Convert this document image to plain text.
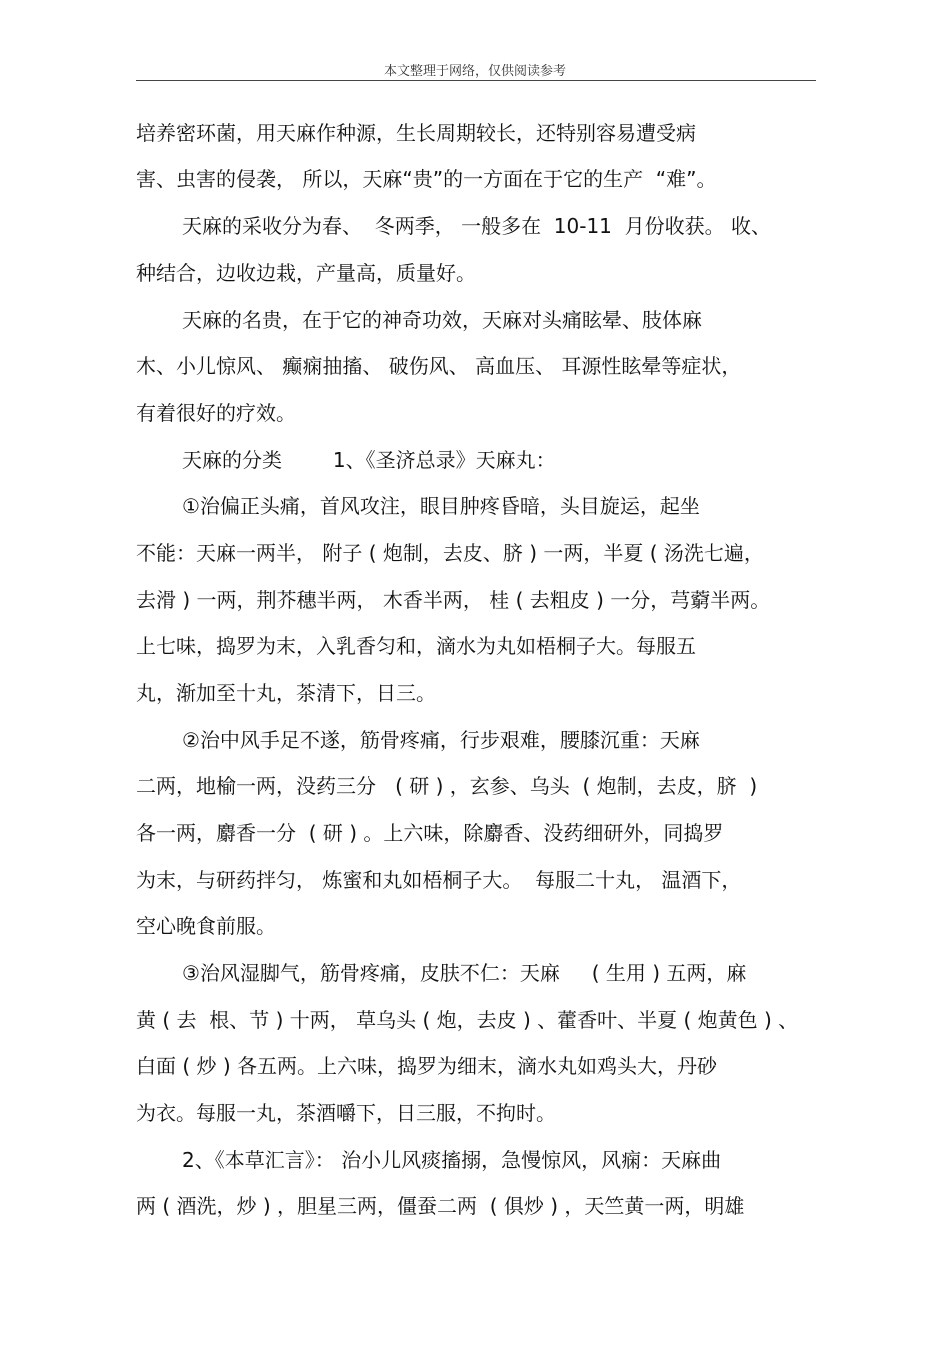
本文整理于网络，仅供阅读参考
培养密环菌，用天麻作种源，生长周期较长，还特别容易遭受病
害、虫害的侵袭， 所以，天麻“贵”的一方面在于它的生产  “难”。
天麻的采收分为春、  冬两季， 一般多在  10-11  月份收获。 收、
种结合，边收边栽，产量高，质量好。
天麻的名贵，在于它的神奇功效，天麻对头痛眩晕、肢体麻
木、小儿惊风、 癫痫抽搐、 破伤风、 高血压、 耳源性眩晕等症状，
有着很好的疗效。
天麻的分类        1、《圣济总录》天麻丸：
①治偏正头痛，首风攻注，眼目肿疼昏暗，头目旋运，起坐
不能：天麻一两半， 附子 ( 炮制，去皮、脐 ) 一两，半夏 ( 汤洗七遍，
去滑 ) 一两，荆芥穗半两， 木香半两， 桂 ( 去粗皮 ) 一分，芎藭半两。
上七味，捣罗为末，入乳香匀和，滴水为丸如梧桐子大。每服五
丸，渐加至十丸，茶清下，日三。
②治中风手足不遂，筋骨疼痛，行步艰难，腰膝沉重：天麻
二两，地榆一两，没药三分   ( 研 ) ，玄参、乌头  ( 炮制，去皮，脐  )
各一两，麝香一分  ( 研 ) 。上六味，除麝香、没药细研外，同捣罗
为末，与研药拌匀， 炼蜜和丸如梧桐子大。  每服二十丸， 温酒下，
空心晚食前服。
③治风湿脚气，筋骨疼痛，皮肤不仁：天麻     ( 生用 ) 五两，麻
黄 ( 去  根、节 ) 十两， 草乌头 ( 炮，去皮 ) 、藿香叶、半夏 ( 炮黄色 ) 、
白面 ( 炒 ) 各五两。上六味，捣罗为细末，滴水丸如鸡头大，丹砂
为衣。每服一丸，茶酒嚼下，日三服，不拘时。
2、《本草汇言》： 治小儿风痰搐搦，急慢惊风，风痫：天麻曲
两 ( 酒洗，炒 ) ，胆星三两，僵蚕二两  ( 俱炒 ) ，天竺黄一两，明雄
